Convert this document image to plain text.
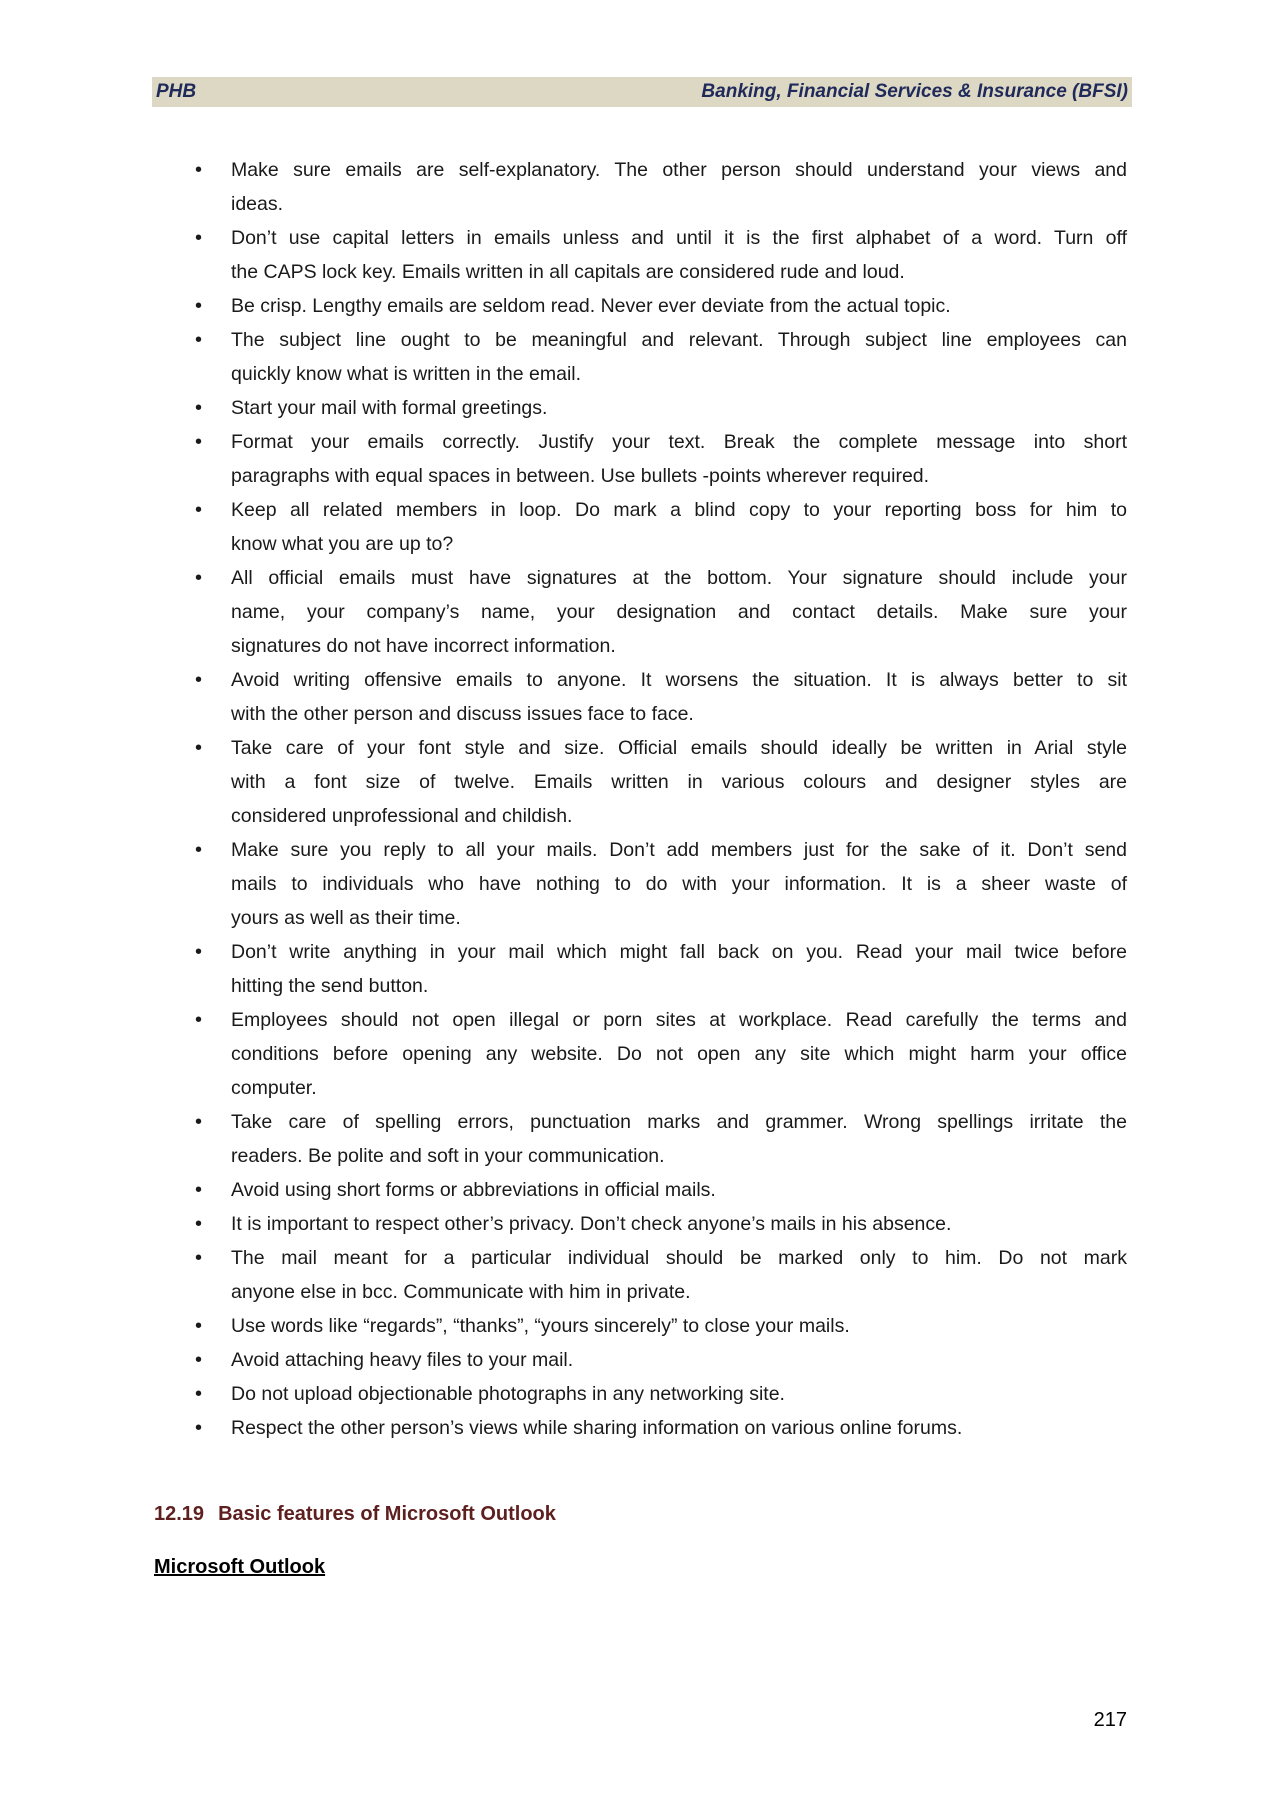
PHB	Banking, Financial Services & Insurance (BFSI)
• Make sure emails are self-explanatory. The other person should understand your views and
ideas.
• Don’t use capital letters in emails unless and until it is the first alphabet of a word. Turn off
the CAPS lock key. Emails written in all capitals are considered rude and loud.
• Be crisp. Lengthy emails are seldom read. Never ever deviate from the actual topic.
• The subject line ought to be meaningful and relevant. Through subject line employees can
quickly know what is written in the email.
• Start your mail with formal greetings.
• Format your emails correctly. Justify your text. Break the complete message into short
paragraphs with equal spaces in between. Use bullets -points wherever required.
• Keep all related members in loop. Do mark a blind copy to your reporting boss for him to
know what you are up to?
• All official emails must have signatures at the bottom. Your signature should include your
name, your company’s name, your designation and contact details. Make sure your
signatures do not have incorrect information.
• Avoid writing offensive emails to anyone. It worsens the situation. It is always better to sit
with the other person and discuss issues face to face.
• Take care of your font style and size. Official emails should ideally be written in Arial style
with a font size of twelve. Emails written in various colours and designer styles are
considered unprofessional and childish.
• Make sure you reply to all your mails. Don’t add members just for the sake of it. Don’t send
mails to individuals who have nothing to do with your information. It is a sheer waste of
yours as well as their time.
• Don’t write anything in your mail which might fall back on you. Read your mail twice before
hitting the send button.
• Employees should not open illegal or porn sites at workplace. Read carefully the terms and
conditions before opening any website. Do not open any site which might harm your office
computer.
• Take care of spelling errors, punctuation marks and grammer. Wrong spellings irritate the
readers. Be polite and soft in your communication.
• Avoid using short forms or abbreviations in official mails.
• It is important to respect other’s privacy. Don’t check anyone’s mails in his absence.
• The mail meant for a particular individual should be marked only to him. Do not mark
anyone else in bcc. Communicate with him in private.
• Use words like “regards”, “thanks”, “yours sincerely” to close your mails.
• Avoid attaching heavy files to your mail.
• Do not upload objectionable photographs in any networking site.
• Respect the other person’s views while sharing information on various online forums.
12.19 Basic features of Microsoft Outlook
Microsoft Outlook
217
